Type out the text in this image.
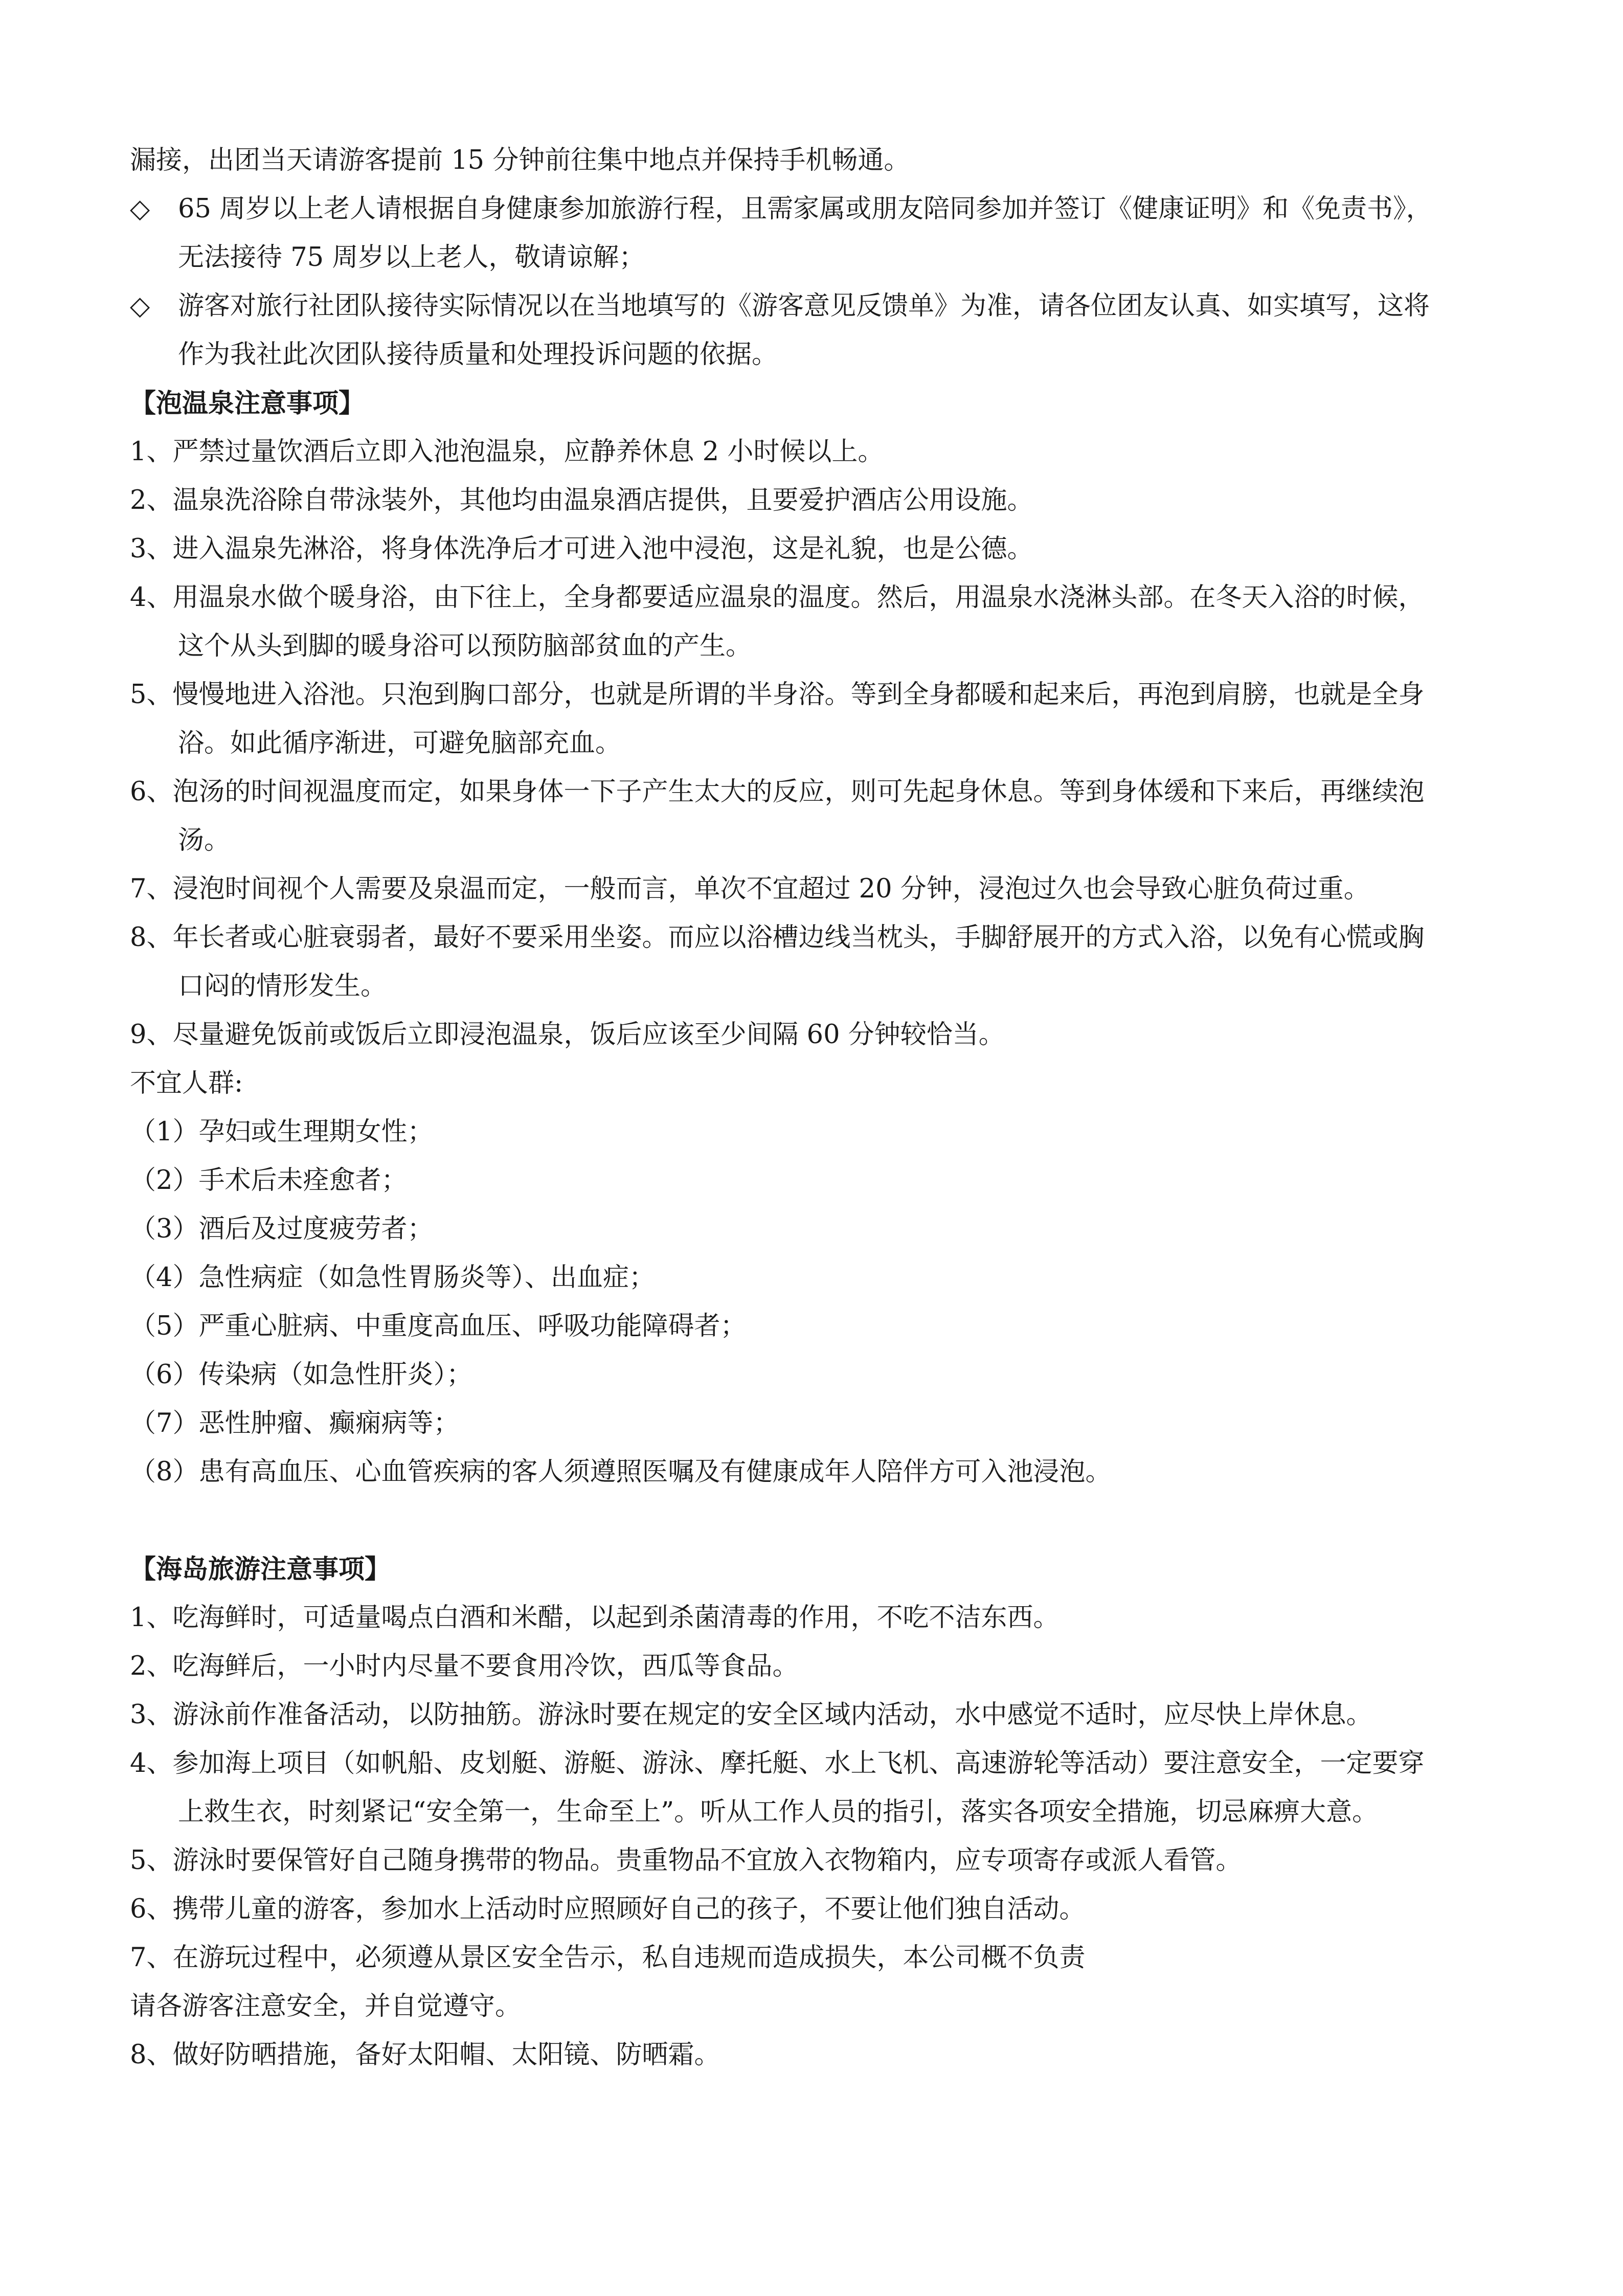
漏接，出团当天请游客提前 15 分钟前往集中地点并保持手机畅通。
◇ 65 周岁以上老人请根据自身健康参加旅游行程，且需家属或朋友陪同参加并签订《健康证明》和《免责书》，
无法接待 75 周岁以上老人，敬请谅解；
◇ 游客对旅行社团队接待实际情况以在当地填写的《游客意见反馈单》为准，请各位团友认真、如实填写，这将
作为我社此次团队接待质量和处理投诉问题的依据。
【泡温泉注意事项】
1、严禁过量饮酒后立即入池泡温泉，应静养休息 2 小时候以上。
2、温泉洗浴除自带泳装外，其他均由温泉酒店提供，且要爱护酒店公用设施。
3、进入温泉先淋浴，将身体洗净后才可进入池中浸泡，这是礼貌，也是公德。
4、用温泉水做个暖身浴，由下往上，全身都要适应温泉的温度。然后，用温泉水浇淋头部。在冬天入浴的时候，
这个从头到脚的暖身浴可以预防脑部贫血的产生。
5、慢慢地进入浴池。只泡到胸口部分，也就是所谓的半身浴。等到全身都暖和起来后，再泡到肩膀，也就是全身
浴。如此循序渐进，可避免脑部充血。
6、泡汤的时间视温度而定，如果身体一下子产生太大的反应，则可先起身休息。等到身体缓和下来后，再继续泡
汤。
7、浸泡时间视个人需要及泉温而定，一般而言，单次不宜超过 20 分钟，浸泡过久也会导致心脏负荷过重。
8、年长者或心脏衰弱者，最好不要采用坐姿。而应以浴槽边线当枕头，手脚舒展开的方式入浴，以免有心慌或胸
口闷的情形发生。
9、尽量避免饭前或饭后立即浸泡温泉，饭后应该至少间隔 60 分钟较恰当。
不宜人群:
（1）孕妇或生理期女性；
（2）手术后未痊愈者；
（3）酒后及过度疲劳者；
（4）急性病症（如急性胃肠炎等）、出血症；
（5）严重心脏病、中重度高血压、呼吸功能障碍者；
（6）传染病（如急性肝炎）；
（7）恶性肿瘤、癫痫病等；
（8）患有高血压、心血管疾病的客人须遵照医嘱及有健康成年人陪伴方可入池浸泡。
【海岛旅游注意事项】
1、吃海鲜时，可适量喝点白酒和米醋，以起到杀菌清毒的作用，不吃不洁东西。
2、吃海鲜后，一小时内尽量不要食用冷饮，西瓜等食品。
3、游泳前作准备活动，以防抽筋。游泳时要在规定的安全区域内活动，水中感觉不适时，应尽快上岸休息。
4、参加海上项目（如帆船、皮划艇、游艇、游泳、摩托艇、水上飞机、高速游轮等活动）要注意安全，一定要穿
上救生衣，时刻紧记“安全第一，生命至上”。听从工作人员的指引，落实各项安全措施，切忌麻痹大意。
5、游泳时要保管好自己随身携带的物品。贵重物品不宜放入衣物箱内，应专项寄存或派人看管。
6、携带儿童的游客，参加水上活动时应照顾好自己的孩子，不要让他们独自活动。
7、在游玩过程中，必须遵从景区安全告示，私自违规而造成损失，本公司概不负责
请各游客注意安全，并自觉遵守。
8、做好防晒措施，备好太阳帽、太阳镜、防晒霜。
